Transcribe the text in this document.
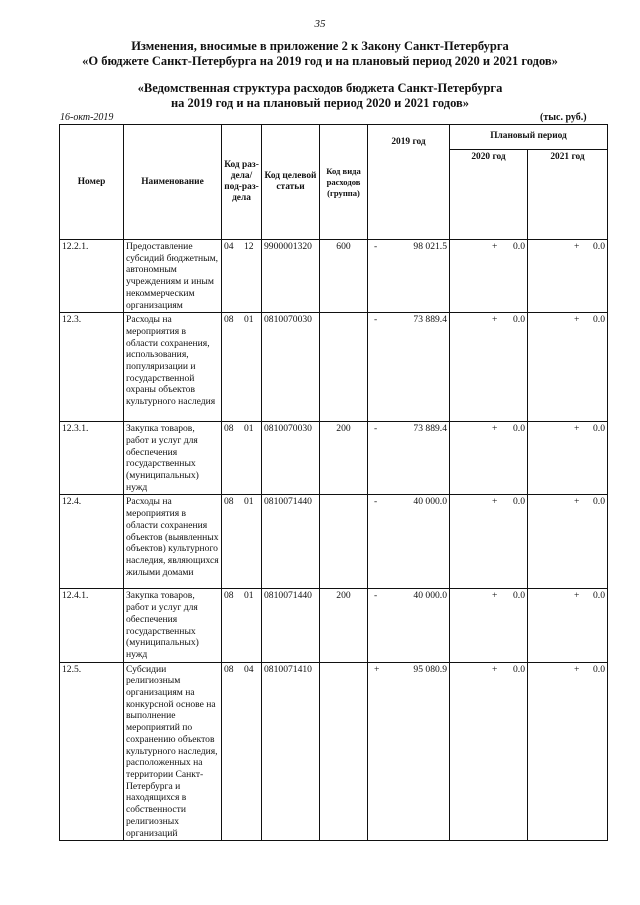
35
Изменения, вносимые в приложение 2 к Закону Санкт-Петербурга
«О бюджете Санкт-Петербурга на 2019 год и на плановый период 2020 и 2021 годов»
«Ведомственная структура расходов бюджета Санкт-Петербурга
на 2019 год и на плановый период 2020 и 2021 годов»
16-окт-2019	(тыс. руб.)
Номер	Наименование	Код раз-дела/ под-раз-дела	Код целевой статьи	Код вида расходов (группа)	2019 год	Плановый период	
						2020 год	2021 год
12.2.1.	Предоставление субсидий бюджетным, автономным учреждениям и иным некоммерческим организациям	04 12	9900001320	600	- 98 021.5	+ 0.0	+ 0.0
12.3.	Расходы на мероприятия в области сохранения, использования, популяризации и государственной охраны объектов культурного наследия	08 01	0810070030		- 73 889.4	+ 0.0	+ 0.0
12.3.1.	Закупка товаров, работ и услуг для обеспечения государственных (муниципальных) нужд	08 01	0810070030	200	- 73 889.4	+ 0.0	+ 0.0
12.4.	Расходы на мероприятия в области сохранения объектов (выявленных объектов) культурного наследия, являющихся жилыми домами	08 01	0810071440		- 40 000.0	+ 0.0	+ 0.0
12.4.1.	Закупка товаров, работ и услуг для обеспечения государственных (муниципальных) нужд	08 01	0810071440	200	- 40 000.0	+ 0.0	+ 0.0
12.5.	Субсидии религиозным организациям на конкурсной основе на выполнение мероприятий по сохранению объектов культурного наследия, расположенных на территории Санкт-Петербурга и находящихся в собственности религиозных организаций	08 04	0810071410		+ 95 080.9	+ 0.0	+ 0.0
